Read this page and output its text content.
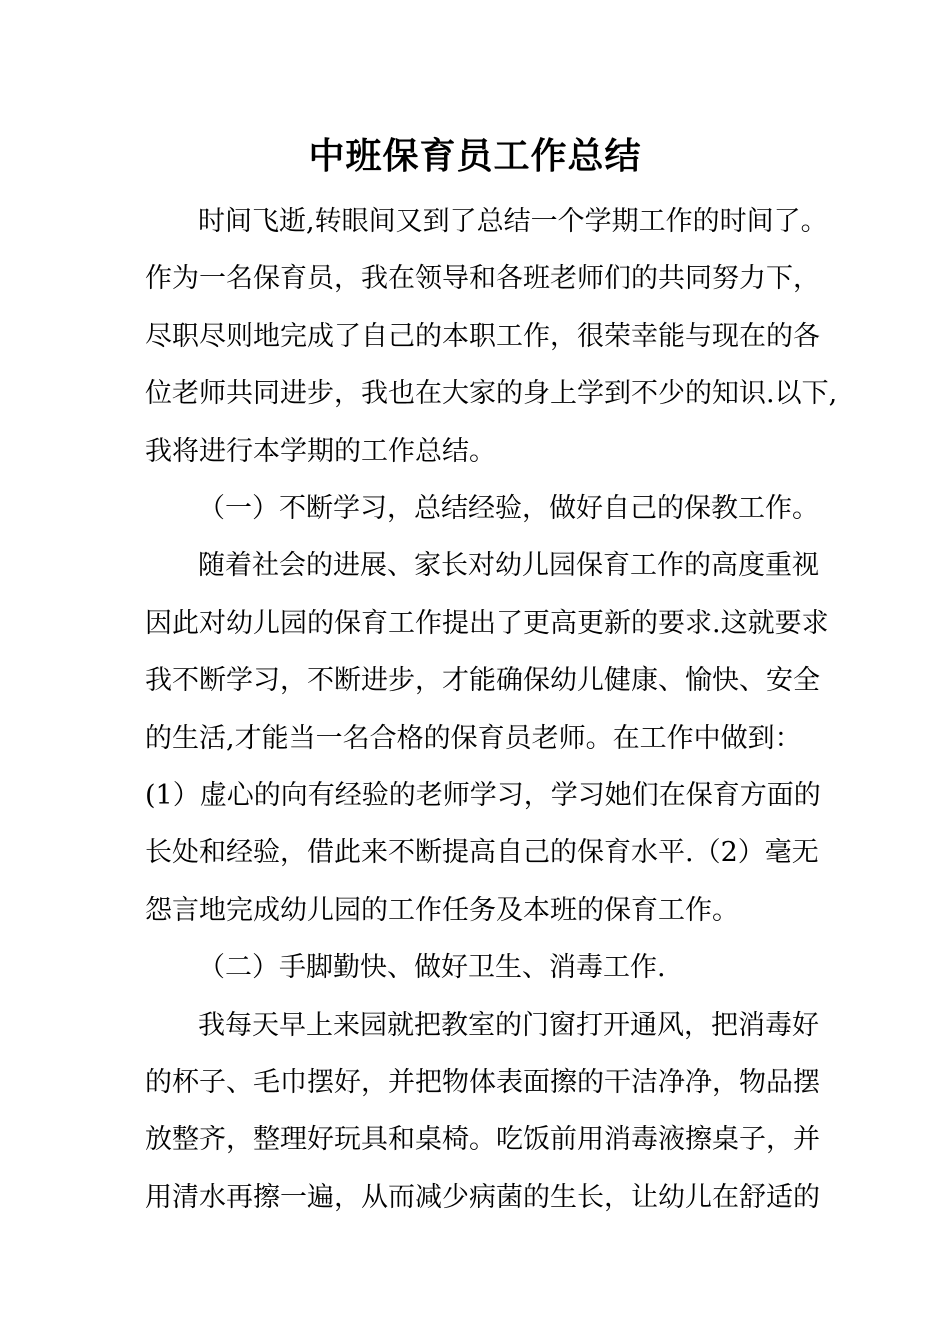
中班保育员工作总结
时间飞逝,转眼间又到了总结一个学期工作的时间了。
作为一名保育员，我在领导和各班老师们的共同努力下，
尽职尽则地完成了自己的本职工作，很荣幸能与现在的各
位老师共同进步，我也在大家的身上学到不少的知识.以下,
我将进行本学期的工作总结。
（一）不断学习，总结经验，做好自己的保教工作。
随着社会的进展、家长对幼儿园保育工作的高度重视
因此对幼儿园的保育工作提出了更高更新的要求.这就要求
我不断学习，不断进步，才能确保幼儿健康、愉快、安全
的生活,才能当一名合格的保育员老师。在工作中做到：
(1）虚心的向有经验的老师学习，学习她们在保育方面的
长处和经验，借此来不断提高自己的保育水平.（2）毫无
怨言地完成幼儿园的工作任务及本班的保育工作。
（二）手脚勤快、做好卫生、消毒工作.
我每天早上来园就把教室的门窗打开通风，把消毒好
的杯子、毛巾摆好，并把物体表面擦的干洁净净，物品摆
放整齐，整理好玩具和桌椅。吃饭前用消毒液擦桌子，并
用清水再擦一遍，从而减少病菌的生长，让幼儿在舒适的
